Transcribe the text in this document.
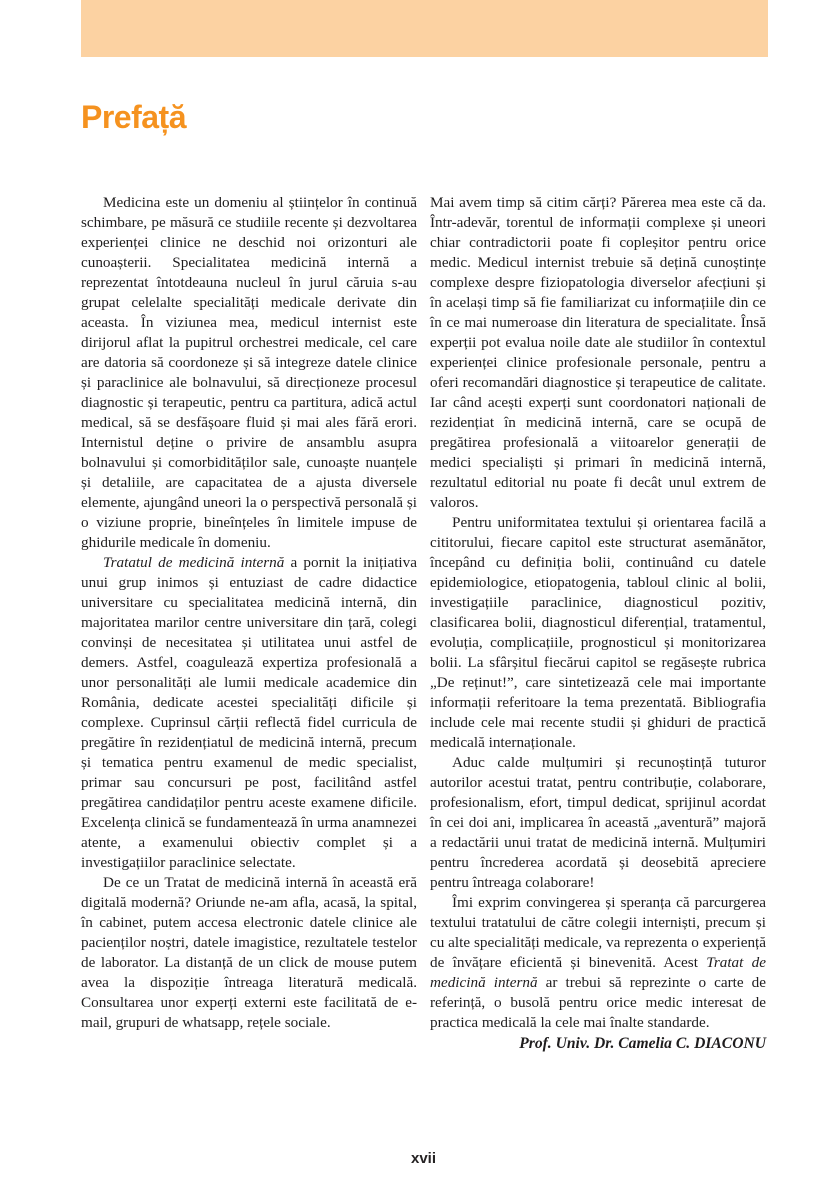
Prefață

Medicina este un domeniu al științelor în continuă schimbare, pe măsură ce studiile recente și dezvoltarea experienței clinice ne deschid noi orizonturi ale cunoașterii. Specialitatea medicină internă a reprezentat întotdeauna nucleul în jurul căruia s-au grupat celelalte specialități medicale derivate din aceasta. În viziunea mea, medicul internist este dirijorul aflat la pupitrul orchestrei medicale, cel care are datoria să coordoneze și să integreze datele clinice și paraclinice ale bolnavului, să direcționeze procesul diagnostic și terapeutic, pentru ca partitura, adică actul medical, să se desfășoare fluid și mai ales fără erori. Internistul deține o privire de ansamblu asupra bolnavului și comorbidităților sale, cunoaște nuanțele și detaliile, are capacitatea de a ajusta diversele elemente, ajungând uneori la o perspectivă personală și o viziune proprie, bineînțeles în limitele impuse de ghidurile medicale în domeniu.

Tratatul de medicină internă a pornit la inițiativa unui grup inimos și entuziast de cadre didactice universitare cu specialitatea medicină internă, din majoritatea marilor centre universitare din țară, colegi convinși de necesitatea și utilitatea unui astfel de demers. Astfel, coagulează expertiza profesională a unor personalități ale lumii medicale academice din România, dedicate acestei specialități dificile și complexe. Cuprinsul cărții reflectă fidel curricula de pregătire în rezidențiatul de medicină internă, precum și tematica pentru examenul de medic specialist, primar sau concursuri pe post, facilitând astfel pregătirea candidaților pentru aceste examene dificile. Excelența clinică se fundamentează în urma anamnezei atente, a examenului obiectiv complet și a investigațiilor paraclinice selectate.

De ce un Tratat de medicină internă în această eră digitală modernă? Oriunde ne-am afla, acasă, la spital, în cabinet, putem accesa electronic datele clinice ale pacienților noștri, datele imagistice, rezultatele testelor de laborator. La distanță de un click de mouse putem avea la dispoziție întreaga literatură medicală. Consultarea unor experți externi este facilitată de e-mail, grupuri de whatsapp, rețele sociale.

Mai avem timp să citim cărți? Părerea mea este că da. Într-adevăr, torentul de informații complexe și uneori chiar contradictorii poate fi copleșitor pentru orice medic. Medicul internist trebuie să dețină cunoștințe complexe despre fiziopatologia diverselor afecțiuni și în același timp să fie familiarizat cu informațiile din ce în ce mai numeroase din literatura de specialitate. Însă experții pot evalua noile date ale studiilor în contextul experienței clinice profesionale personale, pentru a oferi recomandări diagnostice și terapeutice de calitate. Iar când acești experți sunt coordonatori naționali de rezidențiat în medicină internă, care se ocupă de pregătirea profesională a viitoarelor generații de medici specialiști și primari în medicină internă, rezultatul editorial nu poate fi decât unul extrem de valoros.

Pentru uniformitatea textului și orientarea facilă a cititorului, fiecare capitol este structurat asemănător, începând cu definiția bolii, continuând cu datele epidemiologice, etiopatogenia, tabloul clinic al bolii, investigațiile paraclinice, diagnosticul pozitiv, clasificarea bolii, diagnosticul diferențial, tratamentul, evoluția, complicațiile, prognosticul și monitorizarea bolii. La sfârșitul fiecărui capitol se regăsește rubrica „De reținut!”, care sintetizează cele mai importante informații referitoare la tema prezentată. Bibliografia include cele mai recente studii și ghiduri de practică medicală internaționale.

Aduc calde mulțumiri și recunoștință tuturor autorilor acestui tratat, pentru contribuție, colaborare, profesionalism, efort, timpul dedicat, sprijinul acordat în cei doi ani, implicarea în această „aventură” majoră a redactării unui tratat de medicină internă. Mulțumiri pentru încrederea acordată și deosebită apreciere pentru întreaga colaborare!

Îmi exprim convingerea și speranța că parcurgerea textului tratatului de către colegii interniști, precum și cu alte specialități medicale, va reprezenta o experiență de învățare eficientă și binevenită. Acest Tratat de medicină internă ar trebui să reprezinte o carte de referință, o busolă pentru orice medic interesat de practica medicală la cele mai înalte standarde.

Prof. Univ. Dr. Camelia C. DIACONU
xvii
